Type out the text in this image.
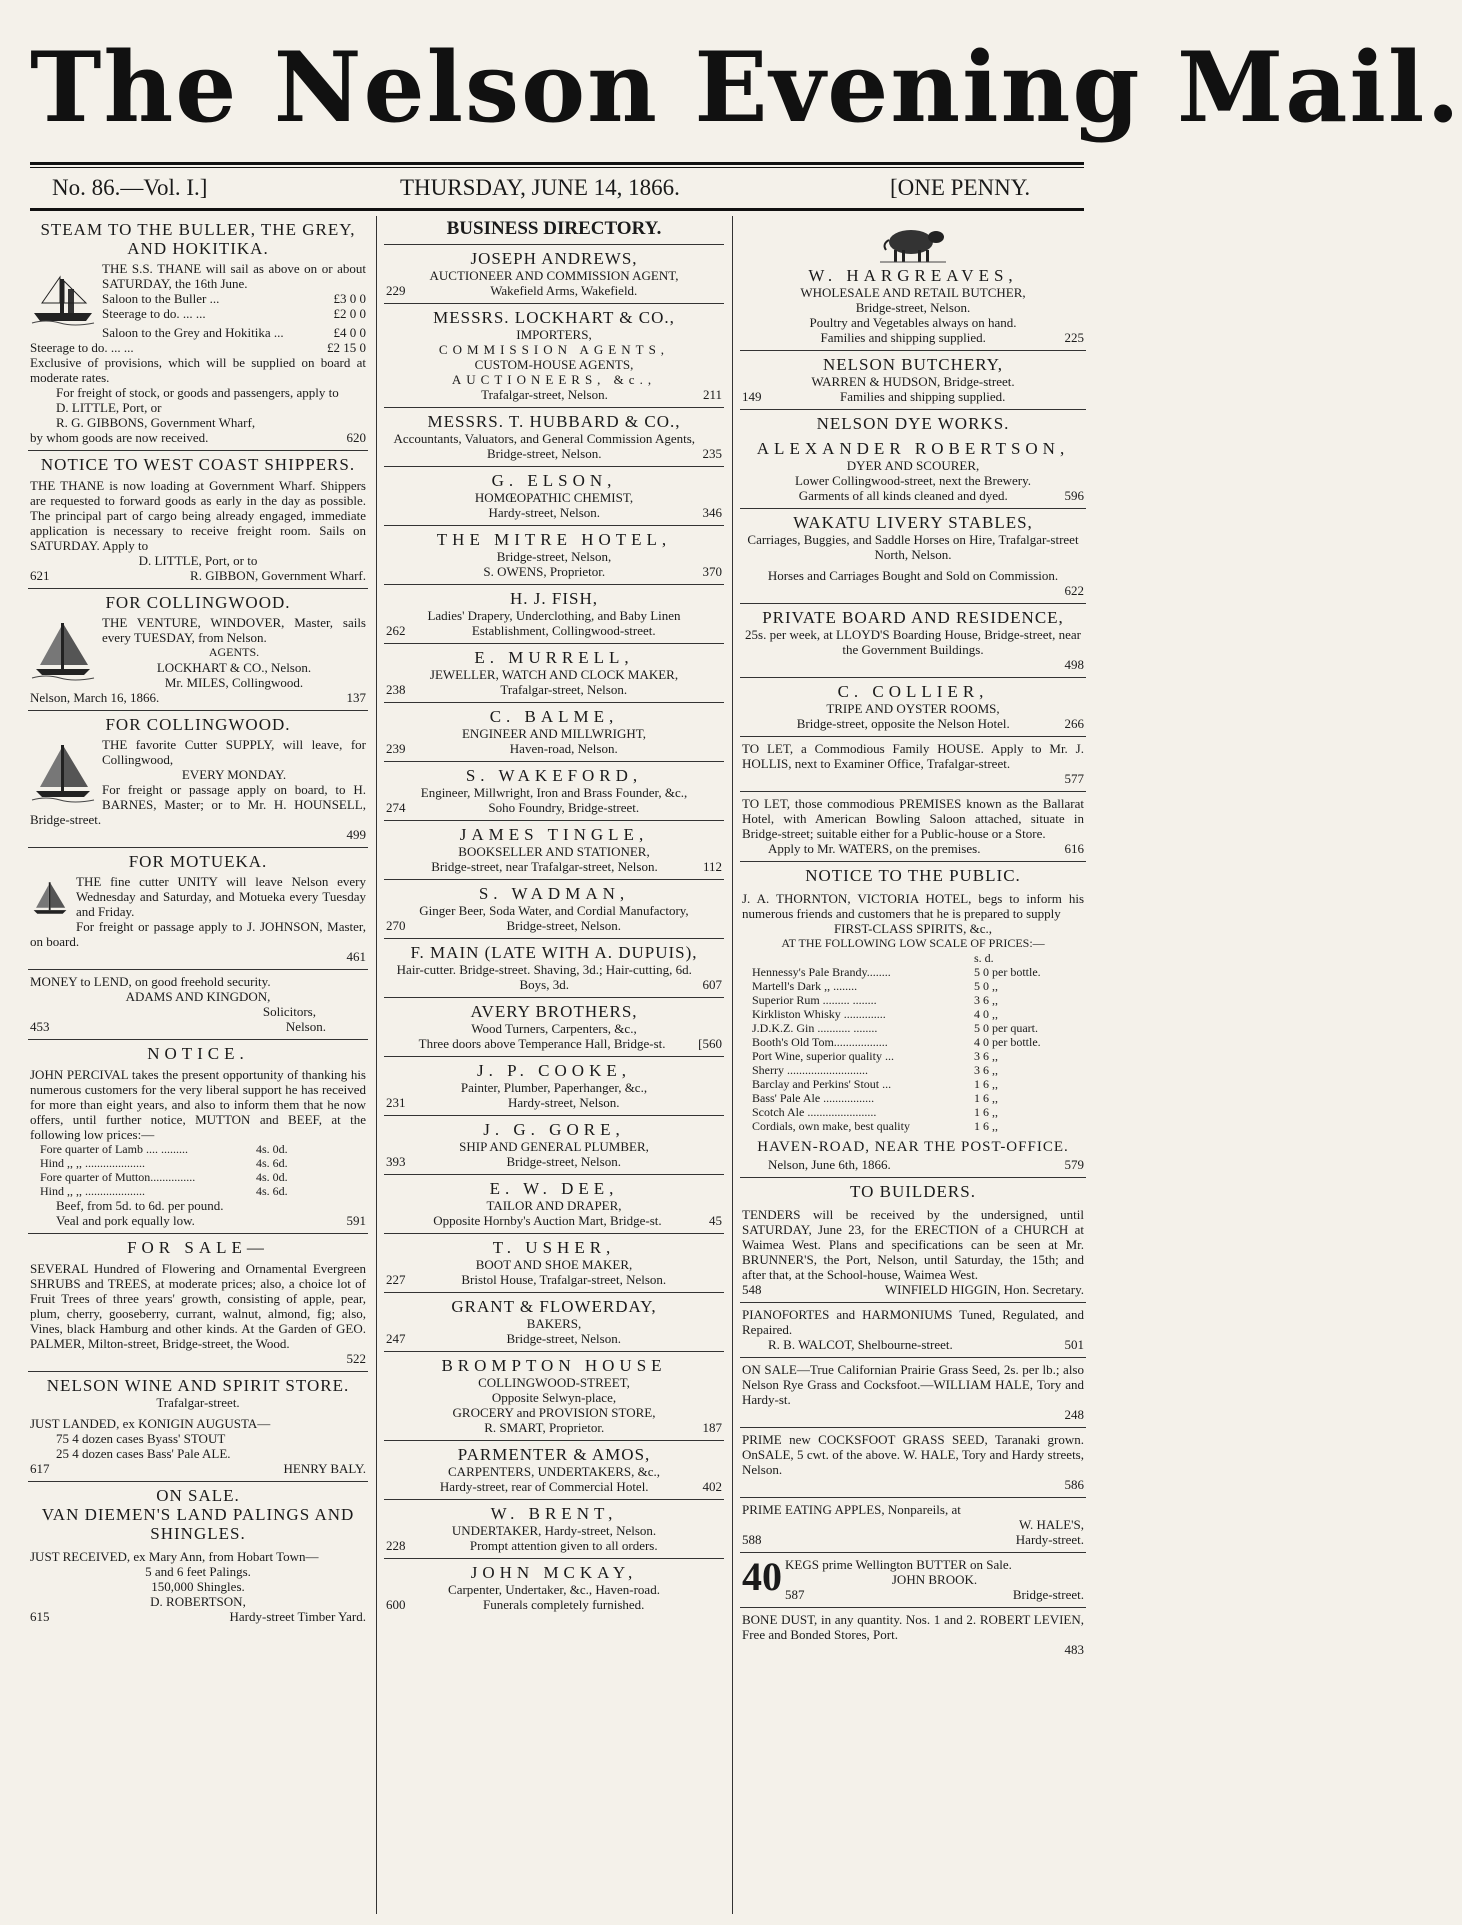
The Nelson Evening Mail.
No. 86.—Vol. I.]	THURSDAY, JUNE 14, 1866.	[ONE PENNY.
STEAM TO THE BULLER, THE GREY, AND HOKITIKA.
THE S.S. THANE will sail as above on or about SATURDAY, the 16th June.
Saloon to the Buller ...	£3 0 0
Steerage to do. ... ...	£2 0 0
Saloon to the Grey and Hokitika ...	£4 0 0
Steerage to do. ... ...	£2 15 0
Exclusive of provisions, which will be supplied on board at moderate rates.
For freight of stock, or goods and passengers, apply to
D. LITTLE, Port, or
R. G. GIBBONS, Government Wharf,
by whom goods are now received.	620
NOTICE TO WEST COAST SHIPPERS.
THE THANE is now loading at Government Wharf. Shippers are requested to forward goods as early in the day as possible. The principal part of cargo being already engaged, immediate application is necessary to receive freight room. Sails on SATURDAY. Apply to
D. LITTLE, Port, or to
621	R. GIBBON, Government Wharf.
FOR COLLINGWOOD.
THE VENTURE, WINDOVER, Master, sails every TUESDAY, from Nelson.
AGENTS.
LOCKHART & CO., Nelson.
Mr. MILES, Collingwood.
Nelson, March 16, 1866.	137
FOR COLLINGWOOD.
THE favorite Cutter SUPPLY, will leave, for Collingwood,
EVERY MONDAY.
For freight or passage apply on board, to H. BARNES, Master; or to Mr. H. HOUNSELL, Bridge-street.
499
FOR MOTUEKA.
THE fine cutter UNITY will leave Nelson every Wednesday and Saturday, and Motueka every Tuesday and Friday.
For freight or passage apply to J. JOHNSON, Master, on board.
461
MONEY to LEND, on good freehold security.
ADAMS AND KINGDON,
Solicitors,
453	Nelson.
NOTICE.
JOHN PERCIVAL takes the present opportunity of thanking his numerous customers for the very liberal support he has received for more than eight years, and also to inform them that he now offers, until further notice, MUTTON and BEEF, at the following low prices:—
Fore quarter of Lamb .... .........	4s. 0d.
Hind ,, ,, ....................	4s. 6d.
Fore quarter of Mutton...............	4s. 0d.
Hind ,, ,, ....................	4s. 6d.
Beef, from 5d. to 6d. per pound.
Veal and pork equally low.	591
FOR SALE—
SEVERAL Hundred of Flowering and Ornamental Evergreen SHRUBS and TREES, at moderate prices; also, a choice lot of Fruit Trees of three years' growth, consisting of apple, pear, plum, cherry, gooseberry, currant, walnut, almond, fig; also, Vines, black Hamburg and other kinds. At the Garden of GEO. PALMER, Milton-street, Bridge-street, the Wood.
522
NELSON WINE AND SPIRIT STORE.
Trafalgar-street.
JUST LANDED, ex KONIGIN AUGUSTA—
75 4 dozen cases Byass' STOUT
25 4 dozen cases Bass' Pale ALE.
617	HENRY BALY.
ON SALE.
VAN DIEMEN'S LAND PALINGS AND SHINGLES.
JUST RECEIVED, ex Mary Ann, from Hobart Town—
5 and 6 feet Palings.
150,000 Shingles.
D. ROBERTSON,
615	Hardy-street Timber Yard.
BUSINESS DIRECTORY.
JOSEPH ANDREWS,
AUCTIONEER AND COMMISSION AGENT,
229	Wakefield Arms, Wakefield.
MESSRS. LOCKHART & CO.,
IMPORTERS,
COMMISSION AGENTS,
CUSTOM-HOUSE AGENTS,
AUCTIONEERS, &c.,
Trafalgar-street, Nelson.	211
MESSRS. T. HUBBARD & CO.,
Accountants, Valuators, and General Commission Agents, Bridge-street, Nelson.	235
G. ELSON,
HOMŒOPATHIC CHEMIST,
Hardy-street, Nelson.	346
THE MITRE HOTEL,
Bridge-street, Nelson,
S. OWENS, Proprietor.	370
H. J. FISH,
Ladies' Drapery, Underclothing, and Baby Linen
262	Establishment, Collingwood-street.
E. MURRELL,
JEWELLER, WATCH AND CLOCK MAKER,
238	Trafalgar-street, Nelson.
C. BALME,
ENGINEER AND MILLWRIGHT,
239	Haven-road, Nelson.
S. WAKEFORD,
Engineer, Millwright, Iron and Brass Founder, &c.,
274	Soho Foundry, Bridge-street.
JAMES TINGLE,
BOOKSELLER AND STATIONER,
Bridge-street, near Trafalgar-street, Nelson.	112
S. WADMAN,
Ginger Beer, Soda Water, and Cordial Manufactory,
270	Bridge-street, Nelson.
F. MAIN (LATE WITH A. DUPUIS),
Hair-cutter. Bridge-street. Shaving, 3d.; Hair-cutting, 6d. Boys, 3d.	607
AVERY BROTHERS,
Wood Turners, Carpenters, &c.,
Three doors above Temperance Hall, Bridge-st.	[560
J. P. COOKE,
Painter, Plumber, Paperhanger, &c.,
231	Hardy-street, Nelson.
J. G. GORE,
SHIP AND GENERAL PLUMBER,
393	Bridge-street, Nelson.
E. W. DEE,
TAILOR AND DRAPER,
Opposite Hornby's Auction Mart, Bridge-st.	45
T. USHER,
BOOT AND SHOE MAKER,
227	Bristol House, Trafalgar-street, Nelson.
GRANT & FLOWERDAY,
BAKERS,
247	Bridge-street, Nelson.
BROMPTON HOUSE
COLLINGWOOD-STREET,
Opposite Selwyn-place,
GROCERY and PROVISION STORE,
R. SMART, Proprietor.	187
PARMENTER & AMOS,
CARPENTERS, UNDERTAKERS, &c.,
Hardy-street, rear of Commercial Hotel.	402
W. BRENT,
UNDERTAKER, Hardy-street, Nelson.
228	Prompt attention given to all orders.
JOHN MCKAY,
Carpenter, Undertaker, &c., Haven-road.
600	Funerals completely furnished.
W. HARGREAVES,
WHOLESALE AND RETAIL BUTCHER,
Bridge-street, Nelson.
Poultry and Vegetables always on hand.
Families and shipping supplied.	225
NELSON BUTCHERY,
WARREN & HUDSON, Bridge-street.
149	Families and shipping supplied.
NELSON DYE WORKS.
ALEXANDER ROBERTSON,
DYER AND SCOURER,
Lower Collingwood-street, next the Brewery.
Garments of all kinds cleaned and dyed.	596
WAKATU LIVERY STABLES,
Carriages, Buggies, and Saddle Horses on Hire, Trafalgar-street North, Nelson.
Horses and Carriages Bought and Sold on Commission.
622
PRIVATE BOARD AND RESIDENCE,
25s. per week, at LLOYD'S Boarding House, Bridge-street, near the Government Buildings.
498
C. COLLIER,
TRIPE AND OYSTER ROOMS,
Bridge-street, opposite the Nelson Hotel.	266
TO LET, a Commodious Family HOUSE. Apply to Mr. J. HOLLIS, next to Examiner Office, Trafalgar-street.
577
TO LET, those commodious PREMISES known as the Ballarat Hotel, with American Bowling Saloon attached, situate in Bridge-street; suitable either for a Public-house or a Store.
Apply to Mr. WATERS, on the premises.	616
NOTICE TO THE PUBLIC.
J. A. THORNTON, VICTORIA HOTEL, begs to inform his numerous friends and customers that he is prepared to supply
FIRST-CLASS SPIRITS, &c.,
AT THE FOLLOWING LOW SCALE OF PRICES:—
s. d.
Hennessy's Pale Brandy........	5 0 per bottle.
Martell's Dark ,, ........	5 0 ,,
Superior Rum ......... ........	3 6 ,,
Kirkliston Whisky ..............	4 0 ,,
J.D.K.Z. Gin ........... ........	5 0 per quart.
Booth's Old Tom..................	4 0 per bottle.
Port Wine, superior quality ...	3 6 ,,
Sherry ...........................	3 6 ,,
Barclay and Perkins' Stout ...	1 6 ,,
Bass' Pale Ale .................	1 6 ,,
Scotch Ale .......................	1 6 ,,
Cordials, own make, best quality	1 6 ,,
HAVEN-ROAD, NEAR THE POST-OFFICE.
Nelson, June 6th, 1866.	579
TO BUILDERS.
TENDERS will be received by the undersigned, until SATURDAY, June 23, for the ERECTION of a CHURCH at Waimea West. Plans and specifications can be seen at Mr. BRUNNER'S, the Port, Nelson, until Saturday, the 15th; and after that, at the School-house, Waimea West.
548	WINFIELD HIGGIN, Hon. Secretary.
PIANOFORTES and HARMONIUMS Tuned, Regulated, and Repaired.
R. B. WALCOT, Shelbourne-street.	501
ON SALE—True Californian Prairie Grass Seed, 2s. per lb.; also Nelson Rye Grass and Cocksfoot.—WILLIAM HALE, Tory and Hardy-st.
248
PRIME new COCKSFOOT GRASS SEED, Taranaki grown. OnSALE, 5 cwt. of the above. W. HALE, Tory and Hardy streets, Nelson.
586
PRIME EATING APPLES, Nonpareils, at
W. HALE'S,
588	Hardy-street.
40 KEGS prime Wellington BUTTER on Sale.
JOHN BROOK.
587	Bridge-street.
BONE DUST, in any quantity. Nos. 1 and 2. ROBERT LEVIEN, Free and Bonded Stores, Port.
483
